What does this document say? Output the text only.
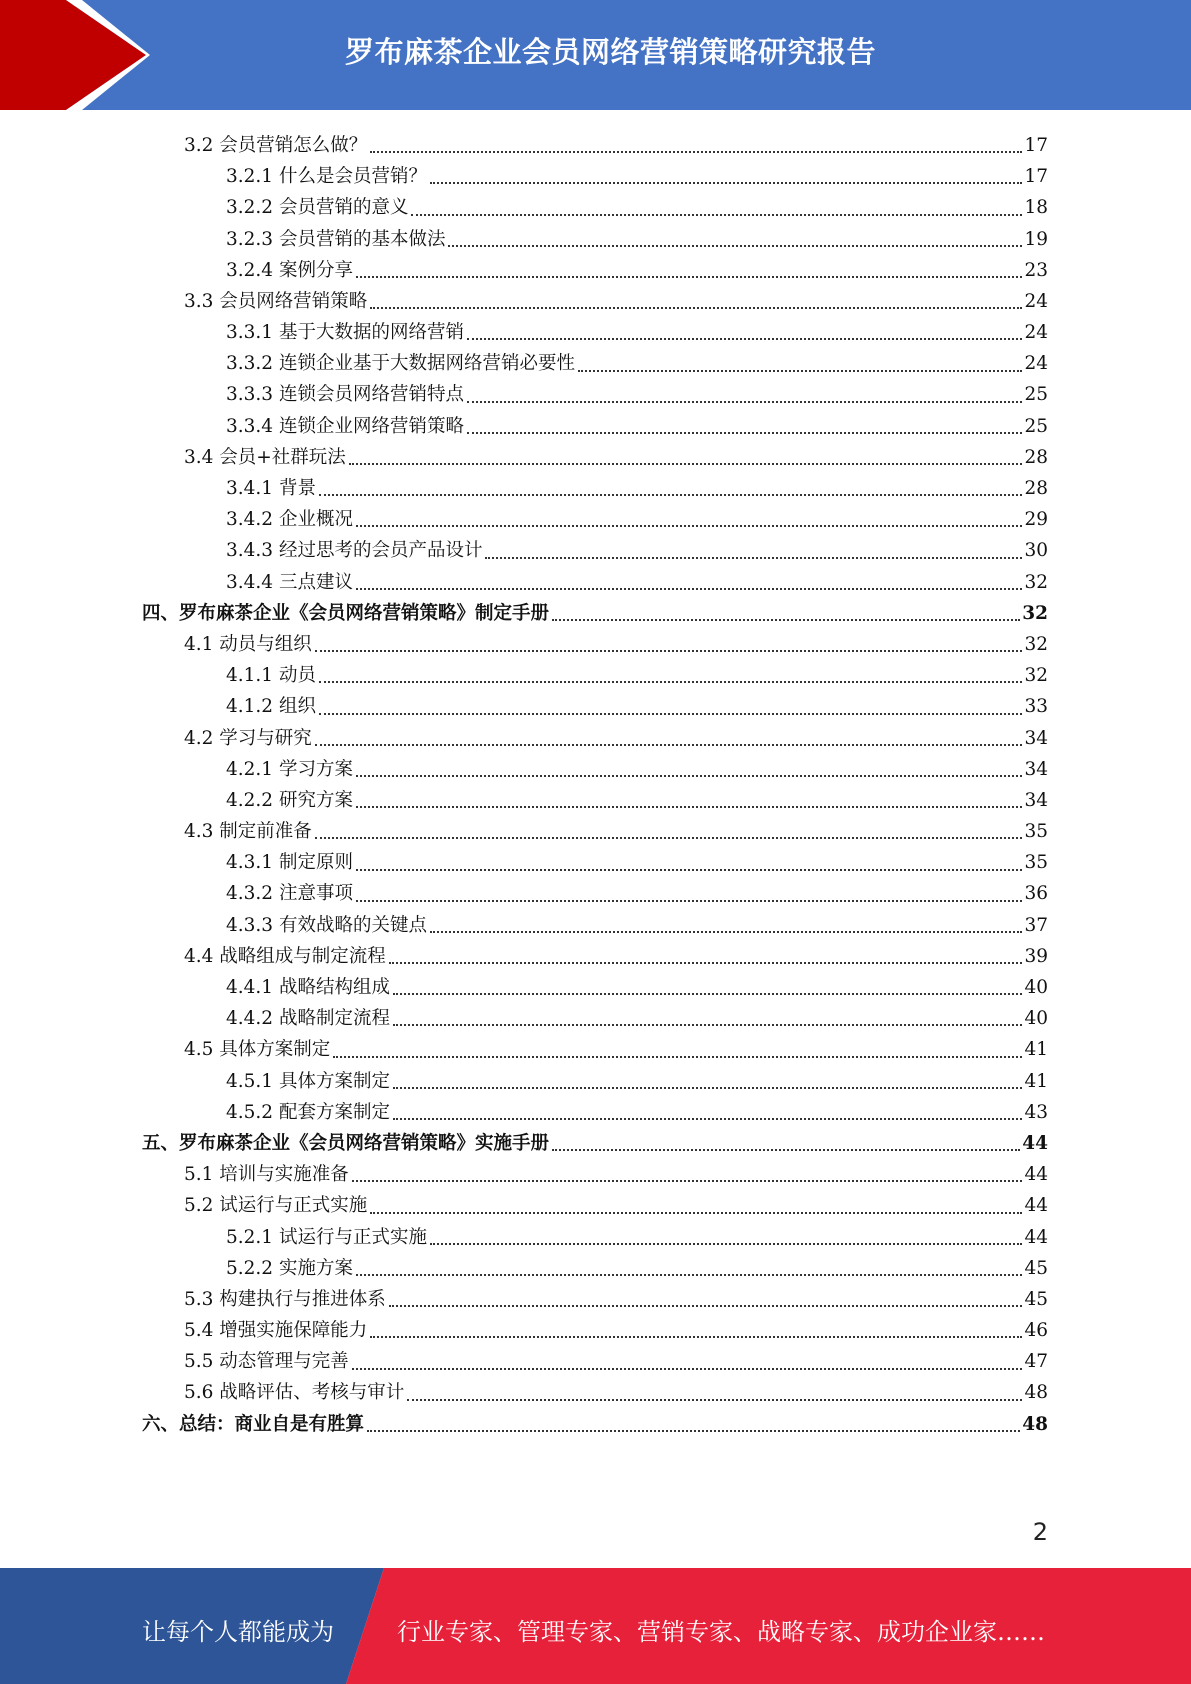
罗布麻茶企业会员网络营销策略研究报告
3.2 会员营销怎么做？	17
3.2.1 什么是会员营销？	17
3.2.2 会员营销的意义	18
3.2.3 会员营销的基本做法	19
3.2.4 案例分享	23
3.3 会员网络营销策略	24
3.3.1 基于大数据的网络营销	24
3.3.2 连锁企业基于大数据网络营销必要性	24
3.3.3 连锁会员网络营销特点	25
3.3.4 连锁企业网络营销策略	25
3.4 会员+社群玩法	28
3.4.1 背景	28
3.4.2 企业概况	29
3.4.3 经过思考的会员产品设计	30
3.4.4 三点建议	32
四、罗布麻茶企业《会员网络营销策略》制定手册	32
4.1 动员与组织	32
4.1.1 动员	32
4.1.2 组织	33
4.2 学习与研究	34
4.2.1 学习方案	34
4.2.2 研究方案	34
4.3 制定前准备	35
4.3.1 制定原则	35
4.3.2 注意事项	36
4.3.3 有效战略的关键点	37
4.4 战略组成与制定流程	39
4.4.1 战略结构组成	40
4.4.2 战略制定流程	40
4.5 具体方案制定	41
4.5.1 具体方案制定	41
4.5.2 配套方案制定	43
五、罗布麻茶企业《会员网络营销策略》实施手册	44
5.1 培训与实施准备	44
5.2 试运行与正式实施	44
5.2.1 试运行与正式实施	44
5.2.2 实施方案	45
5.3 构建执行与推进体系	45
5.4 增强实施保障能力	46
5.5 动态管理与完善	47
5.6 战略评估、考核与审计	48
六、总结：商业自是有胜算	48
2
让每个人都能成为	行业专家、管理专家、营销专家、战略专家、成功企业家……
